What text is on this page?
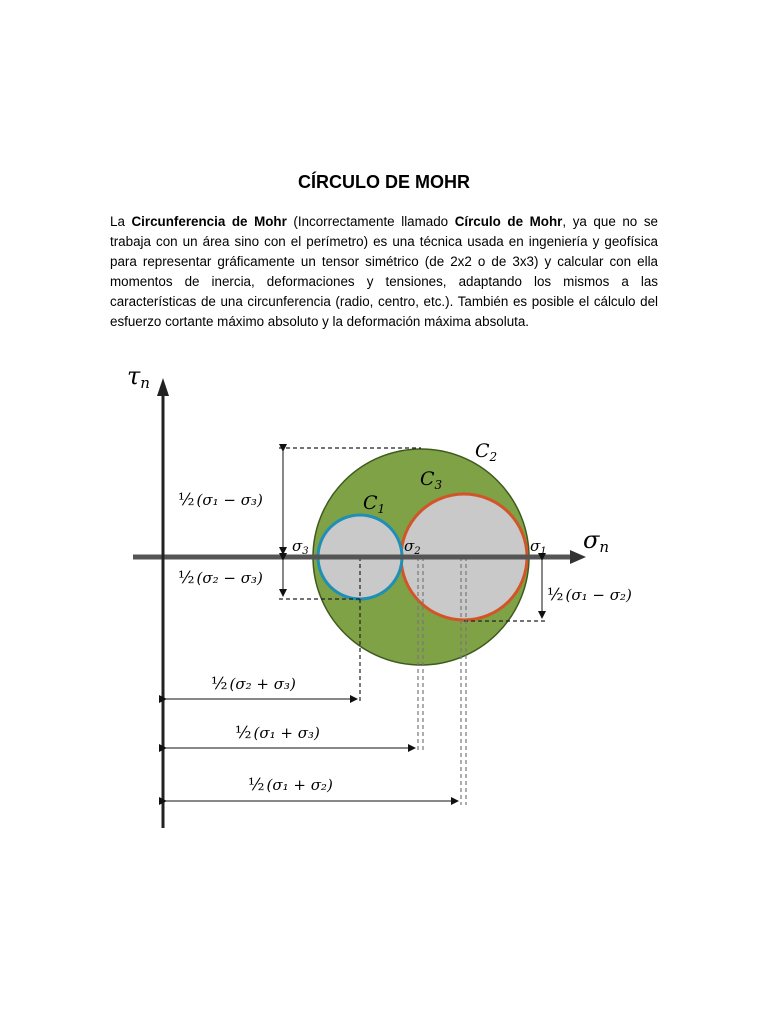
CÍRCULO DE MOHR
La Circunferencia de Mohr (Incorrectamente llamado Círculo de Mohr, ya que no se trabaja con un área sino con el perímetro) es una técnica usada en ingeniería y geofísica para representar gráficamente un tensor simétrico (de 2x2 o de 3x3) y calcular con ella momentos de inercia, deformaciones y tensiones, adaptando los mismos a las características de una circunferencia (radio, centro, etc.). También es posible el cálculo del esfuerzo cortante máximo absoluto y la deformación máxima absoluta.
τn
σn
$C_1$
$C_2$
$C_3$
$\sigma_3$	$\sigma_2$	$\sigma_1$
½ (σ₁ − σ₃)
½ (σ₂ − σ₃)
½ (σ₁ − σ₂)
½ (σ₂ + σ₃)
½ (σ₁ + σ₃)
½ (σ₁ + σ₂)
